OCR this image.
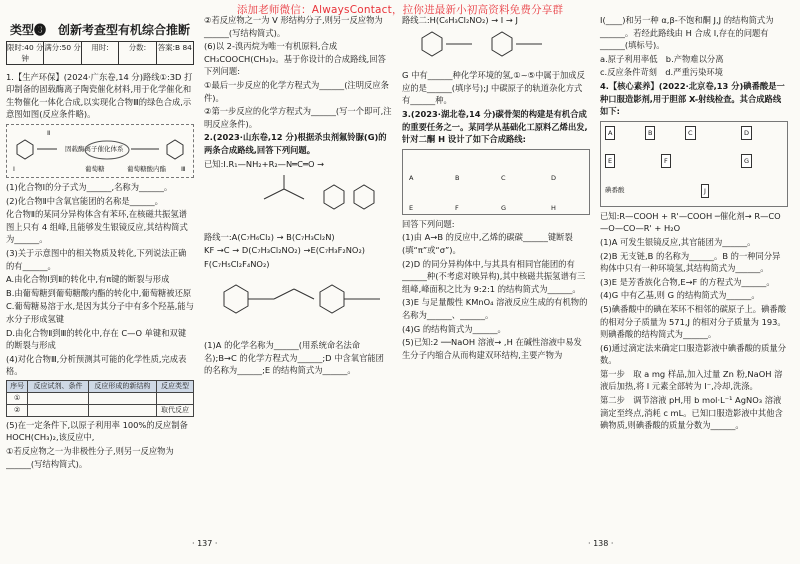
添加老师微信：AlwaysContact，拉你进最新小初高资料免费分享群
类型❸　创新考查型有机综合推断
限时:40 分钟
满分:50 分	用时:	分数:	答案:B 84

1.【生产环保】(2024·广东卷,14 分)路线①:3D 打印制备的固载酶离子陶瓷催化材料,用于化学催化和生物催化一体化合成,以实现化合物Ⅲ的绿色合成,示意图如图(反应条件略)。

固载酶离子催化体系
葡萄糖	葡萄糖酸内酯
Ⅰ
Ⅱ
Ⅲ

(1)化合物Ⅰ的分子式为______,名称为______。

(2)化合物Ⅱ中含氧官能团的名称是______。

化合物Ⅱ的某同分异构体含有苯环,在核磁共振氢谱图上只有 4 组峰,且能够发生银镜反应,其结构简式为______。

(3)关于示意图中的相关物质及转化,下列说法正确的有______。

A.由化合物Ⅰ到Ⅱ的转化中,有π键的断裂与形成

B.由葡萄糖到葡萄糖酸内酯的转化中,葡萄糖被还原

C.葡萄糖易溶于水,是因为其分子中有多个羟基,能与水分子形成氢键

D.由化合物Ⅱ到Ⅲ的转化中,存在 C—O 单键和双键的断裂与形成

(4)对化合物Ⅲ,分析预测其可能的化学性质,完成表格。

序号	反应试剂、条件	反应形成的新结构	反应类型
①			
②			取代反应

(5)在一定条件下,以原子利用率 100%的反应制备 HOCH(CH₃)₂,该反应中,

①若反应物之一为非极性分子,则另一反应物为______(写结构简式)。

②若反应物之一为 V 形结构分子,则另一反应物为______(写结构简式)。

(6)以 2-溴丙烷为唯一有机原料,合成 CH₃COOCH(CH₃)₂。基于你设计的合成路线,回答下列问题:

①最后一步反应的化学方程式为______(注明反应条件)。

②第一步反应的化学方程式为______(写一个即可,注明反应条件)。

2.(2023·山东卷,12 分)根据杀虫剂氟铃脲(G)的两条合成路线,回答下列问题。

已知:Ⅰ.R₁—NH₂+R₂—N═C═O →

路线一:A(C₇H₆Cl₂) → B(C₇H₃Cl₂N)

KF →C → D(C₇H₃Cl₂NO₂) →E(C₇H₃F₂NO₂)

F(C₇H₅Cl₂F₄NO₂)

(1)A 的化学名称为______(用系统命名法命名);B→C 的化学方程式为______;D 中含氧官能团的名称为______;E 的结构简式为______。

· 137 ·

路线二:H(C₆H₃Cl₂NO₂) → I → J

G 中有______种化学环境的氢,①~⑤中属于加成反应的是______(填序号);J 中碳原子的轨道杂化方式有______种。

3.(2023·湖北卷,14 分)碳骨架的构建是有机合成的重要任务之一。某同学从基础化工原料乙烯出发,针对二酮 H 设计了如下合成路线:

A	B	C	D
E	F	G	H

回答下列问题:

(1)由 A→B 的反应中,乙烯的碳碳______键断裂(填“π”或“σ”)。

(2)D 的同分异构体中,与其具有相同官能团的有______种(不考虑对映异构),其中核磁共振氢谱有三组峰,峰面积之比为 9:2:1 的结构简式为______。

(3)E 与足量酸性 KMnO₄ 溶液反应生成的有机物的名称为______、______。

(4)G 的结构简式为______。

(5)已知:2 ──NaOH 溶液→ ,H 在碱性溶液中易发生分子内缩合从而构建双环结构,主要产物为

I(____)和另一种 α,β-不饱和酮 J,J 的结构简式为______。若经此路线由 H 合成 I,存在的问题有______(填标号)。

a.原子利用率低　b.产物难以分离

c.反应条件苛刻　d.严重污染环境

4.【核心素养】(2022·北京卷,13 分)碘番酸是一种口服造影剂,用于胆部 X-射线检查。其合成路线如下:

A	B	C	D
E	F	G
J
碘番酸

已知:R—COOH + R'—COOH ─催化剂→ R—CO—O—CO—R' + H₂O

(1)A 可发生银镜反应,其官能团为______。

(2)B 无支链,B 的名称为______。B 的一种同分异构体中只有一种环境氢,其结构简式为______。

(3)E 是芳香族化合物,E→F 的方程式为______。

(4)G 中有乙基,则 G 的结构简式为______。

(5)碘番酸中的碘在苯环不相邻的碳原子上。碘番酸的相对分子质量为 571,J 的相对分子质量为 193。则碘番酸的结构简式为______。

(6)通过滴定法来确定口服造影液中碘番酸的质量分数。

第一步　取 a mg 样品,加入过量 Zn 粉,NaOH 溶液后加热,将 I 元素全部转为 I⁻,冷却,洗涤。

第二步　调节溶液 pH,用 b mol·L⁻¹ AgNO₃ 溶液滴定至终点,消耗 c mL。已知口服造影液中其他含碘物质,则碘番酸的质量分数为______。

· 138 ·
